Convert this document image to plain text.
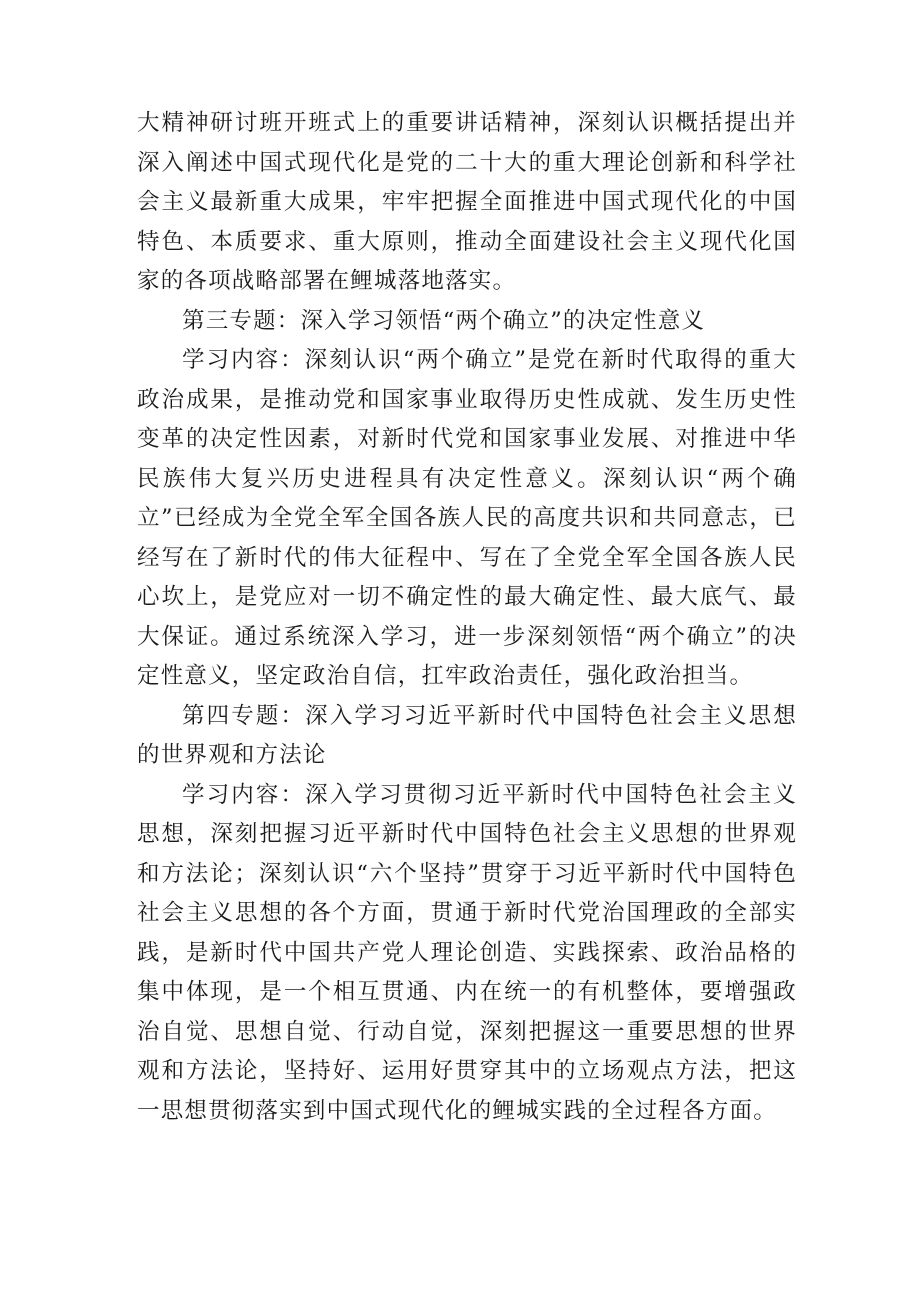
大精神研讨班开班式上的重要讲话精神，深刻认识概括提出并深入阐述中国式现代化是党的二十大的重大理论创新和科学社会主义最新重大成果，牢牢把握全面推进中国式现代化的中国特色、本质要求、重大原则，推动全面建设社会主义现代化国家的各项战略部署在鲤城落地落实。

第三专题：深入学习领悟“两个确立”的决定性意义

学习内容：深刻认识“两个确立”是党在新时代取得的重大政治成果，是推动党和国家事业取得历史性成就、发生历史性变革的决定性因素，对新时代党和国家事业发展、对推进中华民族伟大复兴历史进程具有决定性意义。深刻认识“两个确立”已经成为全党全军全国各族人民的高度共识和共同意志，已经写在了新时代的伟大征程中、写在了全党全军全国各族人民心坎上，是党应对一切不确定性的最大确定性、最大底气、最大保证。通过系统深入学习，进一步深刻领悟“两个确立”的决定性意义，坚定政治自信，扛牢政治责任，强化政治担当。

第四专题：深入学习习近平新时代中国特色社会主义思想的世界观和方法论

学习内容：深入学习贯彻习近平新时代中国特色社会主义思想，深刻把握习近平新时代中国特色社会主义思想的世界观和方法论；深刻认识“六个坚持”贯穿于习近平新时代中国特色社会主义思想的各个方面，贯通于新时代党治国理政的全部实践，是新时代中国共产党人理论创造、实践探索、政治品格的集中体现，是一个相互贯通、内在统一的有机整体，要增强政治自觉、思想自觉、行动自觉，深刻把握这一重要思想的世界观和方法论，坚持好、运用好贯穿其中的立场观点方法，把这一思想贯彻落实到中国式现代化的鲤城实践的全过程各方面。
